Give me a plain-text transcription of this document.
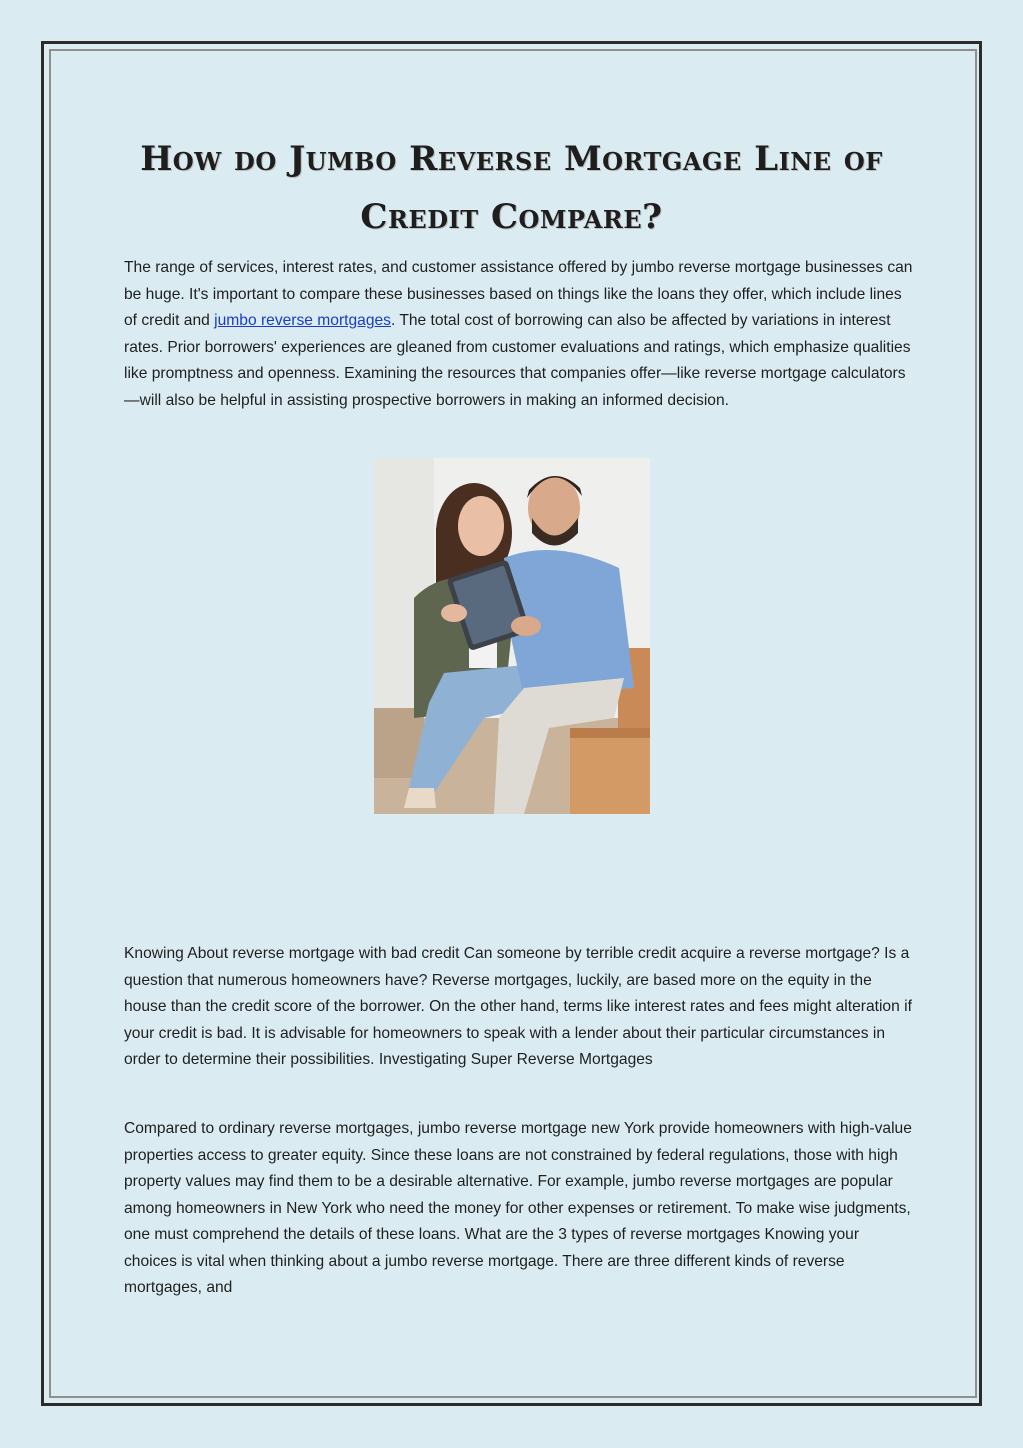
How do Jumbo Reverse Mortgage Line of Credit Compare?

The range of services, interest rates, and customer assistance offered by jumbo reverse mortgage businesses can be huge. It's important to compare these businesses based on things like the loans they offer, which include lines of credit and jumbo reverse mortgages. The total cost of borrowing can also be affected by variations in interest rates. Prior borrowers' experiences are gleaned from customer evaluations and ratings, which emphasize qualities like promptness and openness. Examining the resources that companies offer—like reverse mortgage calculators—will also be helpful in assisting prospective borrowers in making an informed decision.

Knowing About reverse mortgage with bad credit Can someone by terrible credit acquire a reverse mortgage? Is a question that numerous homeowners have? Reverse mortgages, luckily, are based more on the equity in the house than the credit score of the borrower. On the other hand, terms like interest rates and fees might alteration if your credit is bad. It is advisable for homeowners to speak with a lender about their particular circumstances in order to determine their possibilities. Investigating Super Reverse Mortgages

Compared to ordinary reverse mortgages, jumbo reverse mortgage new York provide homeowners with high-value properties access to greater equity. Since these loans are not constrained by federal regulations, those with high property values may find them to be a desirable alternative. For example, jumbo reverse mortgages are popular among homeowners in New York who need the money for other expenses or retirement. To make wise judgments, one must comprehend the details of these loans. What are the 3 types of reverse mortgages Knowing your choices is vital when thinking about a jumbo reverse mortgage. There are three different kinds of reverse mortgages, and
